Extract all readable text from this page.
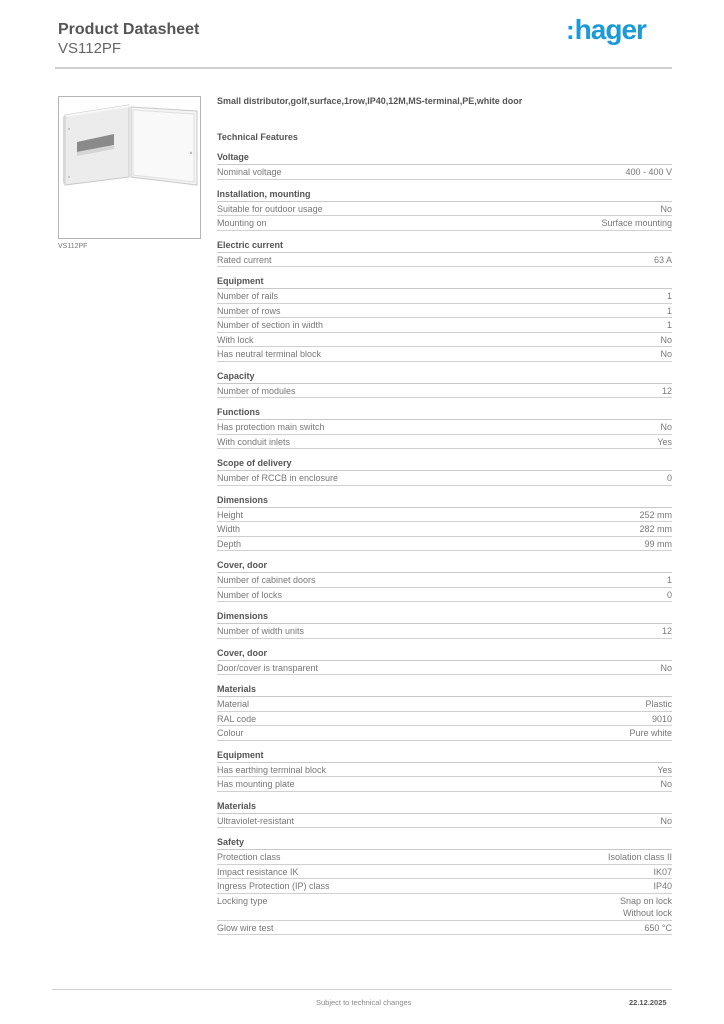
Product Datasheet
VS112PF
:hager
VS112PF
Small distributor,golf,surface,1row,IP40,12M,MS-terminal,PE,white door
Technical Features
Voltage
Nominal voltage	400 - 400 V
Installation, mounting
Suitable for outdoor usage	No
Mounting on	Surface mounting
Electric current
Rated current	63 A
Equipment
Number of rails	1
Number of rows	1
Number of section in width	1
With lock	No
Has neutral terminal block	No
Capacity
Number of modules	12
Functions
Has protection main switch	No
With conduit inlets	Yes
Scope of delivery
Number of RCCB in enclosure	0
Dimensions
Height	252 mm
Width	282 mm
Depth	99 mm
Cover, door
Number of cabinet doors	1
Number of locks	0
Dimensions
Number of width units	12
Cover, door
Door/cover is transparent	No
Materials
Material	Plastic
RAL code	9010
Colour	Pure white
Equipment
Has earthing terminal block	Yes
Has mounting plate	No
Materials
Ultraviolet-resistant	No
Safety
Protection class	Isolation class II
Impact resistance IK	IK07
Ingress Protection (IP) class	IP40
Locking type	Snap on lock
Without lock
Glow wire test	650 °C
Subject to technical changes	22.12.2025
